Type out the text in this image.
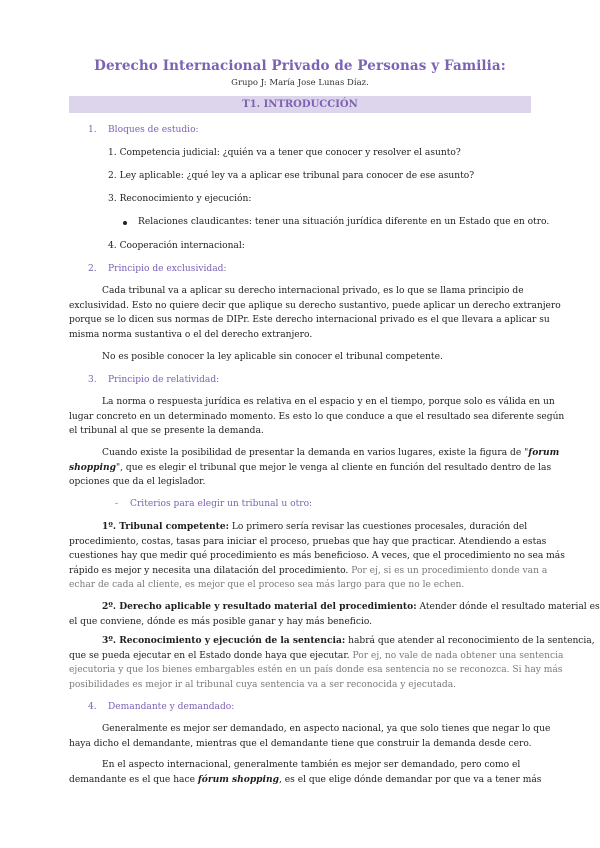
Derecho Internacional Privado de Personas y Familia:
Grupo J: María Jose Lunas Díaz.
T1. INTRODUCCIÓN
1. Bloques de estudio:
1. Competencia judicial: ¿quién va a tener que conocer y resolver el asunto?
2. Ley aplicable: ¿qué ley va a aplicar ese tribunal para conocer de ese asunto?
3. Reconocimiento y ejecución:
Relaciones claudicantes: tener una situación jurídica diferente en un Estado que en otro.
4. Cooperación internacional:
2. Principio de exclusividad:
Cada tribunal va a aplicar su derecho internacional privado, es lo que se llama principio de
exclusividad. Esto no quiere decir que aplique su derecho sustantivo, puede aplicar un derecho extranjero
porque se lo dicen sus normas de DIPr. Este derecho internacional privado es el que llevara a aplicar su
misma norma sustantiva o el del derecho extranjero.
No es posible conocer la ley aplicable sin conocer el tribunal competente.
3. Principio de relatividad:
La norma o respuesta jurídica es relativa en el espacio y en el tiempo, porque solo es válida en un
lugar concreto en un determinado momento. Es esto lo que conduce a que el resultado sea diferente según
el tribunal al que se presente la demanda.
Cuando existe la posibilidad de presentar la demanda en varios lugares, existe la figura de "forum
shopping", que es elegir el tribunal que mejor le venga al cliente en función del resultado dentro de las
opciones que da el legislador.
- Criterios para elegir un tribunal u otro:
1º. Tribunal competente: Lo primero sería revisar las cuestiones procesales, duración del
procedimiento, costas, tasas para iniciar el proceso, pruebas que hay que practicar. Atendiendo a estas
cuestiones hay que medir qué procedimiento es más beneficioso. A veces, que el procedimiento no sea más
rápido es mejor y necesita una dilatación del procedimiento. Por ej, si es un procedimiento donde van a
echar de cada al cliente, es mejor que el proceso sea más largo para que no le echen.
2º. Derecho aplicable y resultado material del procedimiento: Atender dónde el resultado material es
el que conviene, dónde es más posible ganar y hay más beneficio.
3º. Reconocimiento y ejecución de la sentencia: habrá que atender al reconocimiento de la sentencia,
que se pueda ejecutar en el Estado donde haya que ejecutar. Por ej, no vale de nada obtener una sentencia
ejecutoria y que los bienes embargables estén en un país donde esa sentencia no se reconozca. Si hay más
posibilidades es mejor ir al tribunal cuya sentencia va a ser reconocida y ejecutada.
4. Demandante y demandado:
Generalmente es mejor ser demandado, en aspecto nacional, ya que solo tienes que negar lo que
haya dicho el demandante, mientras que el demandante tiene que construir la demanda desde cero.
En el aspecto internacional, generalmente también es mejor ser demandado, pero como el
demandante es el que hace fórum shopping, es el que elige dónde demandar por que va a tener más
